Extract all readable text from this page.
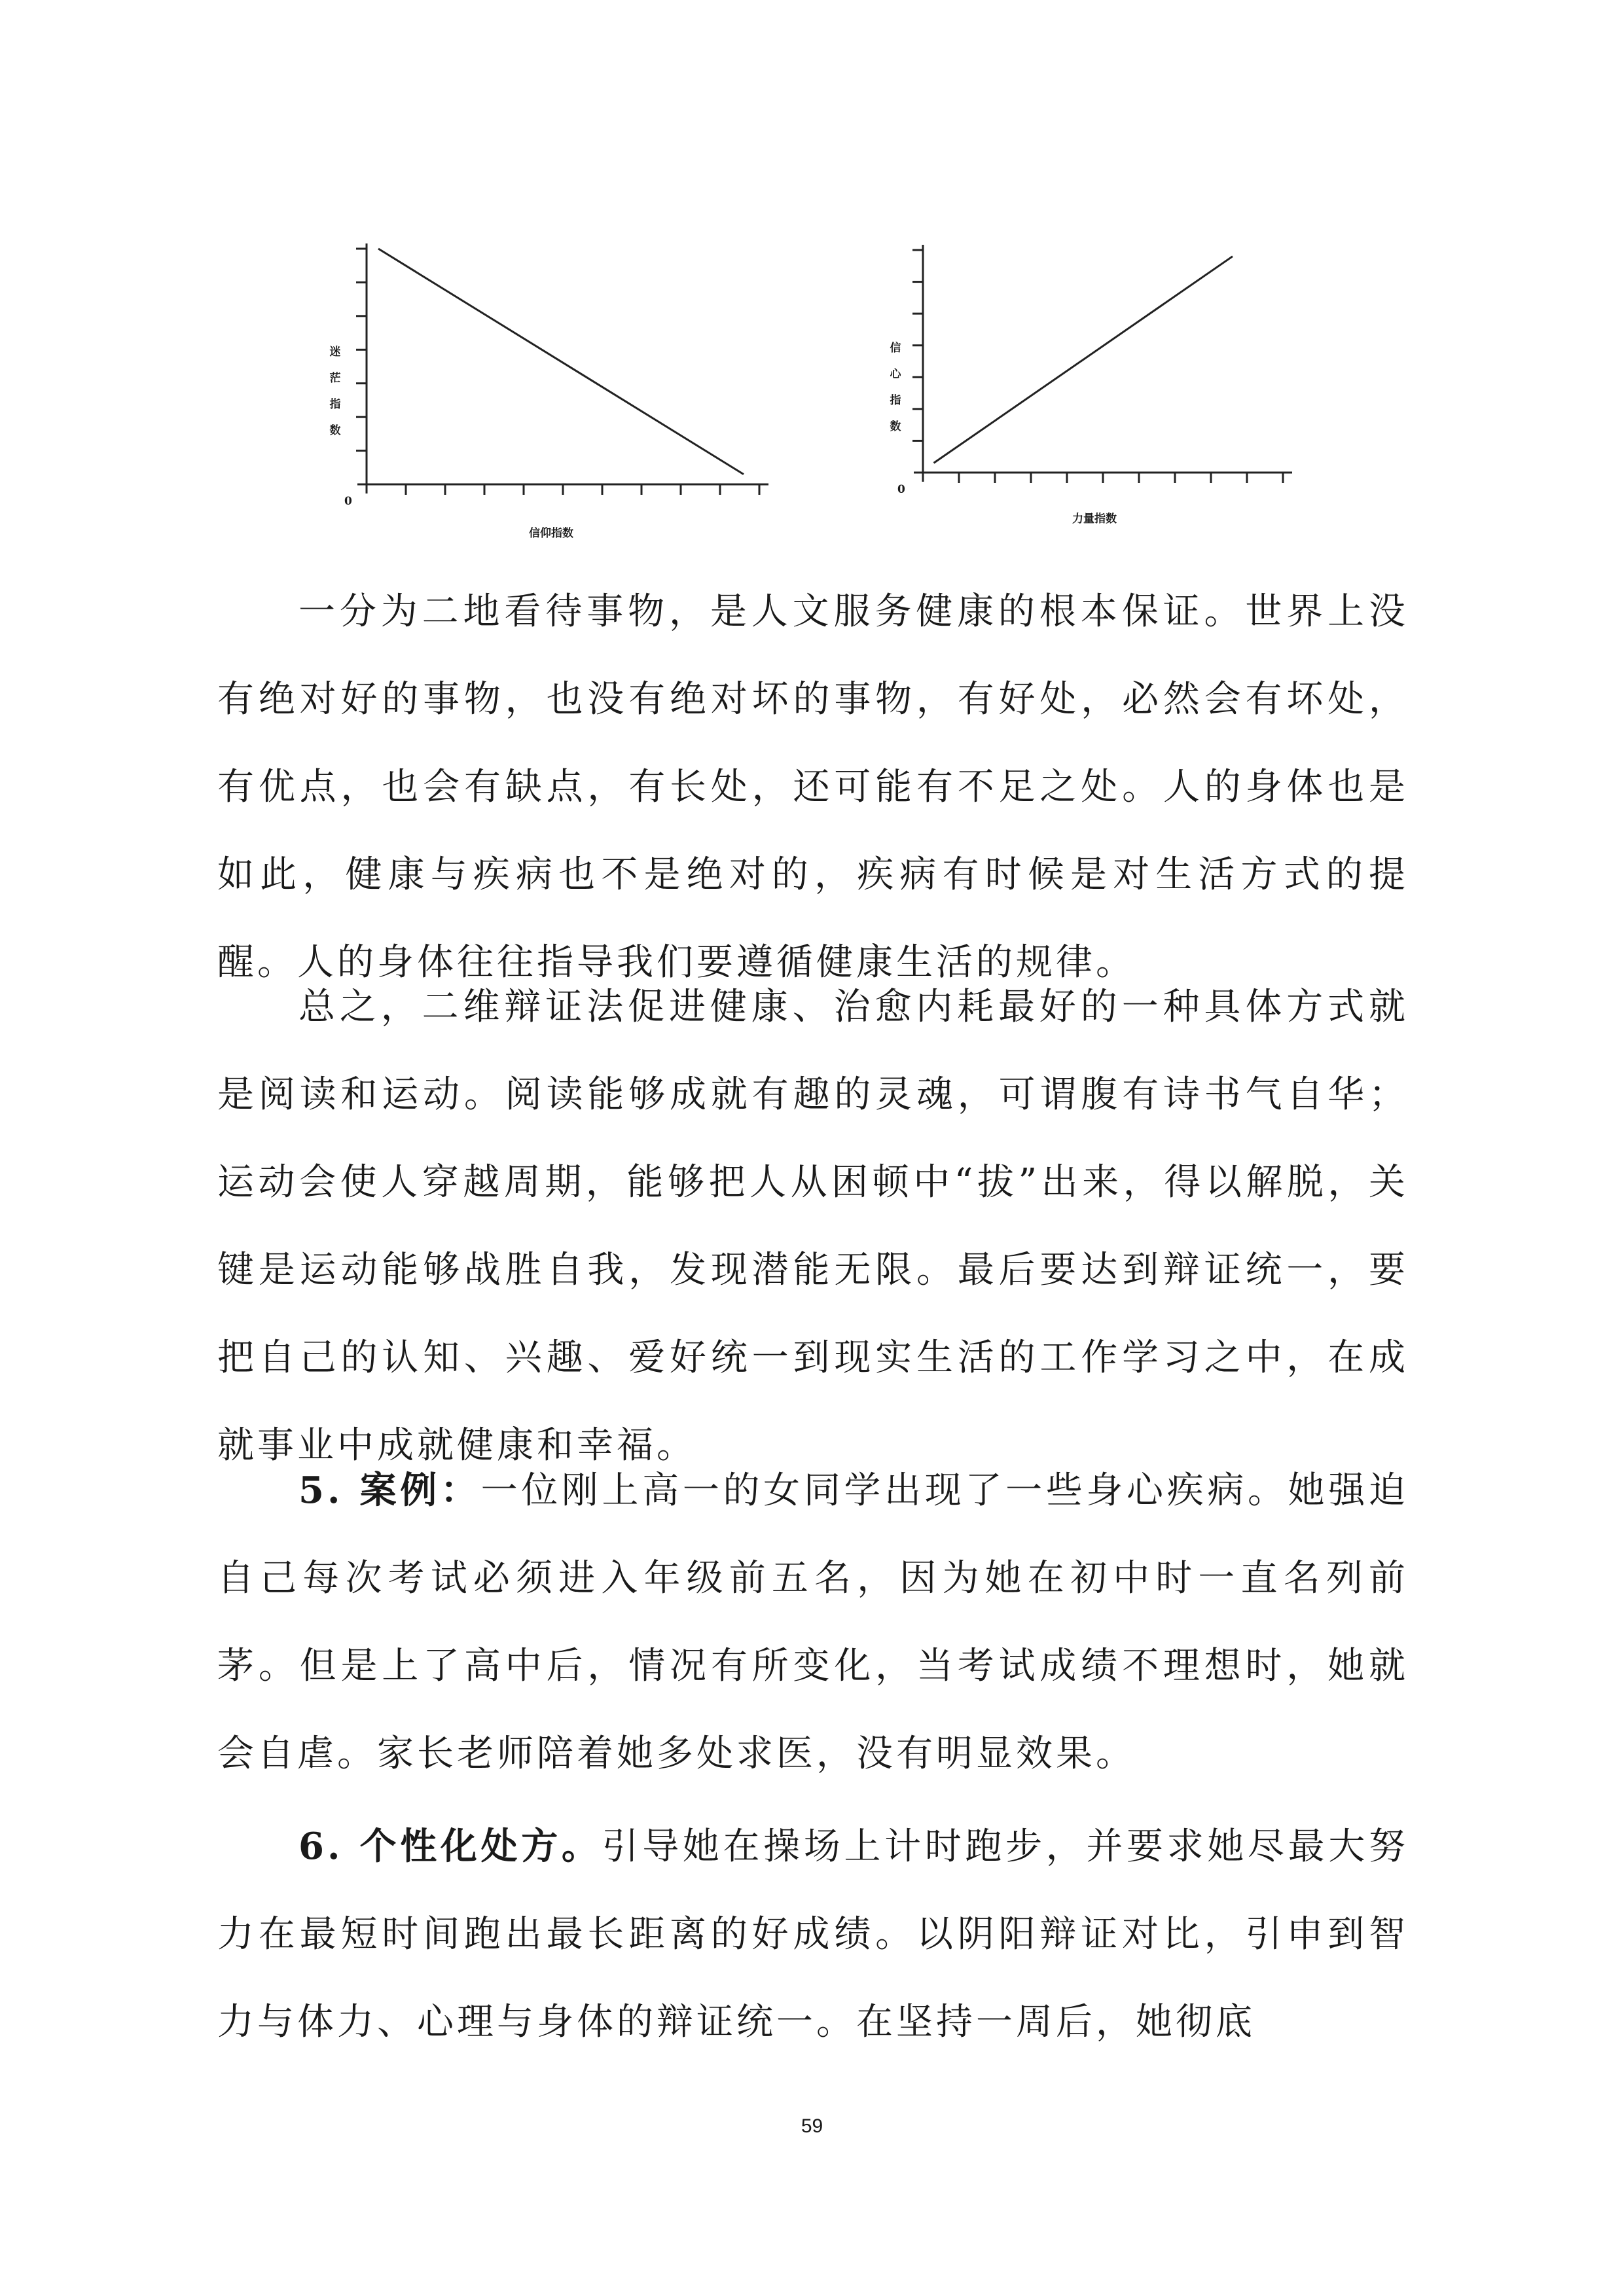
迷
茫
指
数
0
信仰指数
信
心
指
数
0
力量指数

一分为二地看待事物，是人文服务健康的根本保证。世界上没有绝对好的事物，也没有绝对坏的事物，有好处，必然会有坏处，有优点，也会有缺点，有长处，还可能有不足之处。人的身体也是如此，健康与疾病也不是绝对的，疾病有时候是对生活方式的提醒。人的身体往往指导我们要遵循健康生活的规律。

总之，二维辩证法促进健康、治愈内耗最好的一种具体方式就是阅读和运动。阅读能够成就有趣的灵魂，可谓腹有诗书气自华；运动会使人穿越周期，能够把人从困顿中“拔”出来，得以解脱，关键是运动能够战胜自我，发现潜能无限。最后要达到辩证统一，要把自己的认知、兴趣、爱好统一到现实生活的工作学习之中，在成就事业中成就健康和幸福。

5. 案例：一位刚上高一的女同学出现了一些身心疾病。她强迫自己每次考试必须进入年级前五名，因为她在初中时一直名列前茅。但是上了高中后，情况有所变化，当考试成绩不理想时，她就会自虐。家长老师陪着她多处求医，没有明显效果。

6. 个性化处方。引导她在操场上计时跑步，并要求她尽最大努力在最短时间跑出最长距离的好成绩。以阴阳辩证对比，引申到智力与体力、心理与身体的辩证统一。在坚持一周后，她彻底

59
